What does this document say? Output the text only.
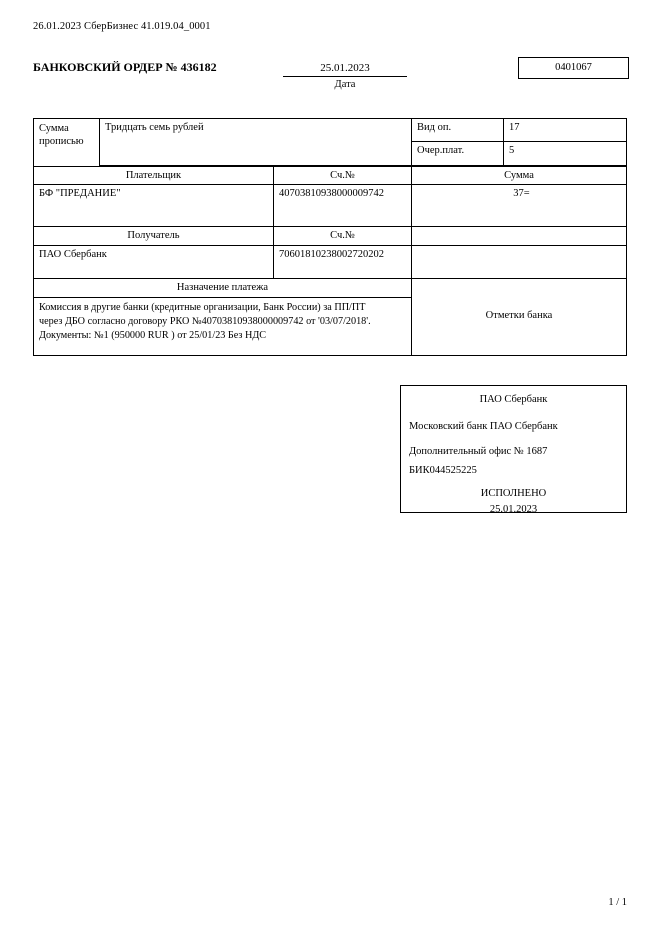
26.01.2023 СберБизнес 41.019.04_0001
БАНКОВСКИЙ ОРДЕР № 436182	25.01.2023
Дата
0401067
Сумма
прописью
Тридцать семь рублей	Вид оп.	17
Очер.плат.	5
Плательщик	Сч.№	Сумма
БФ "ПРЕДАНИЕ"	40703810938000009742	37=
Получатель	Сч.№
ПАО Сбербанк	70601810238002720202
Назначение платежа
Комиссия в другие банки (кредитные организации, Банк России) за ПП/ПТ
через ДБО согласно договору РКО №40703810938000009742 от '03/07/2018'.
Документы: №1 (950000 RUR ) от 25/01/23 Без НДС
Отметки банка
ПАО Сбербанк
Московский банк ПАО Сбербанк
Дополнительный офис № 1687
БИК044525225
ИСПОЛНЕНО
25.01.2023
1 / 1
